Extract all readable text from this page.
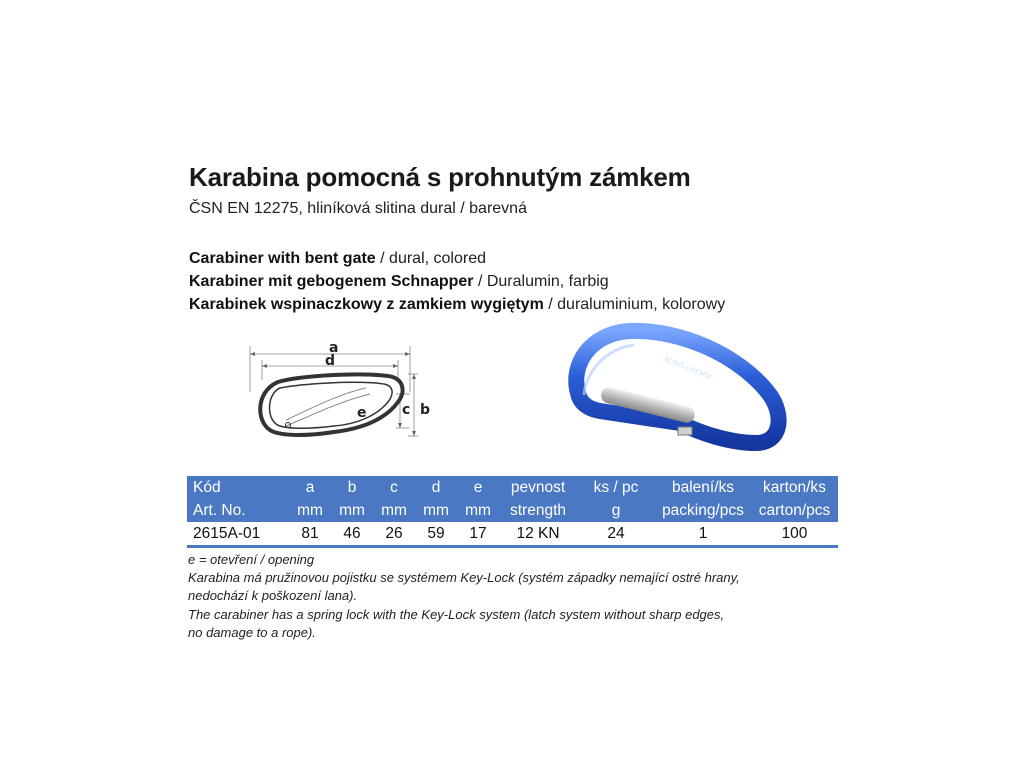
Karabina pomocná s prohnutým zámkem
ČSN EN 12275, hliníková slitina dural / barevná
Carabiner with bent gate / dural, colored
Karabiner mit gebogenem Schnapper / Duralumin, farbig
Karabinek wspinaczkowy z zamkiem wygiętym / duraluminium, kolorowy
a
d
e	c b
KONG CHEMIX
Kód	a	b	c	d	e	pevnost	ks / pc	balení/ks	karton/ks
Art. No.	mm	mm	mm	mm	mm	strength	g	packing/pcs	carton/pcs
2615A-01	81	46	26	59	17	12 KN	24	1	100
e = otevření / opening
Karabina má pružinovou pojistku se systémem Key-Lock (systém západky nemající ostré hrany,
nedochází k poškození lana).
The carabiner has a spring lock with the Key-Lock system (latch system without sharp edges,
no damage to a rope).
